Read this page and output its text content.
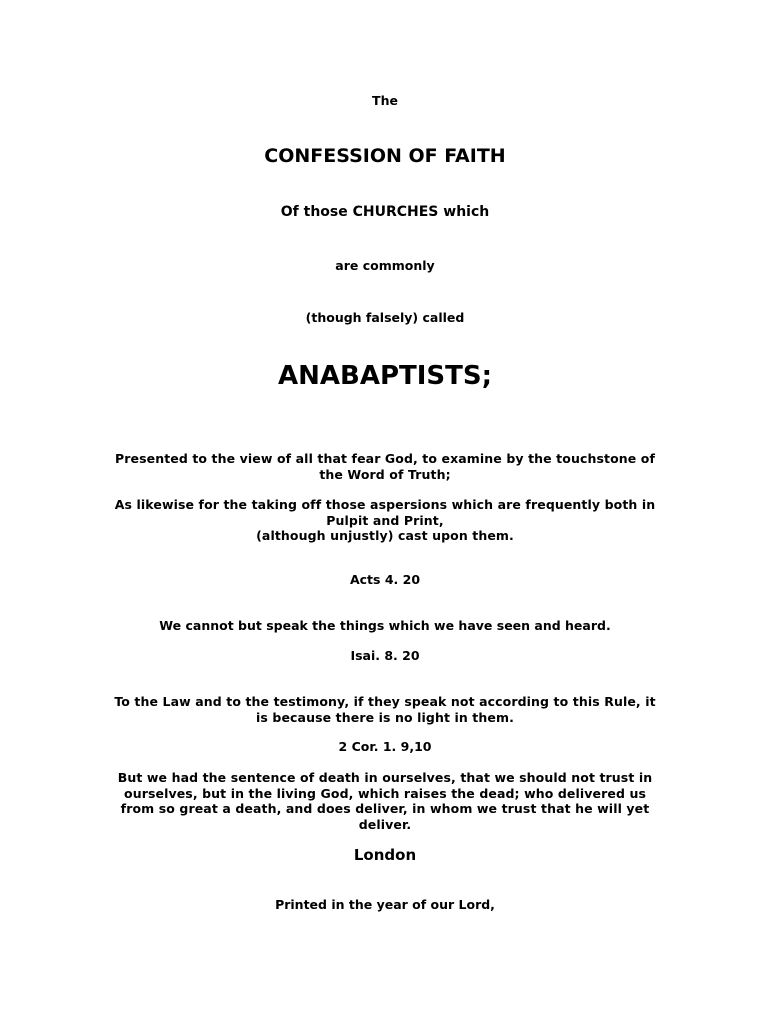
The
CONFESSION OF FAITH
Of those CHURCHES which
are commonly
(though falsely) called
ANABAPTISTS;
Presented to the view of all that fear God, to examine by the touchstone of the Word of Truth;
As likewise for the taking off those aspersions which are frequently both in Pulpit and Print,
(although unjustly) cast upon them.
Acts 4. 20
We cannot but speak the things which we have seen and heard.
Isai. 8. 20
To the Law and to the testimony, if they speak not according to this Rule, it is because there is no light in them.
2 Cor. 1. 9,10
But we had the sentence of death in ourselves, that we should not trust in ourselves, but in the living God, which raises the dead; who delivered us from so great a death, and does deliver, in whom we trust that he will yet deliver.
London
Printed in the year of our Lord,
